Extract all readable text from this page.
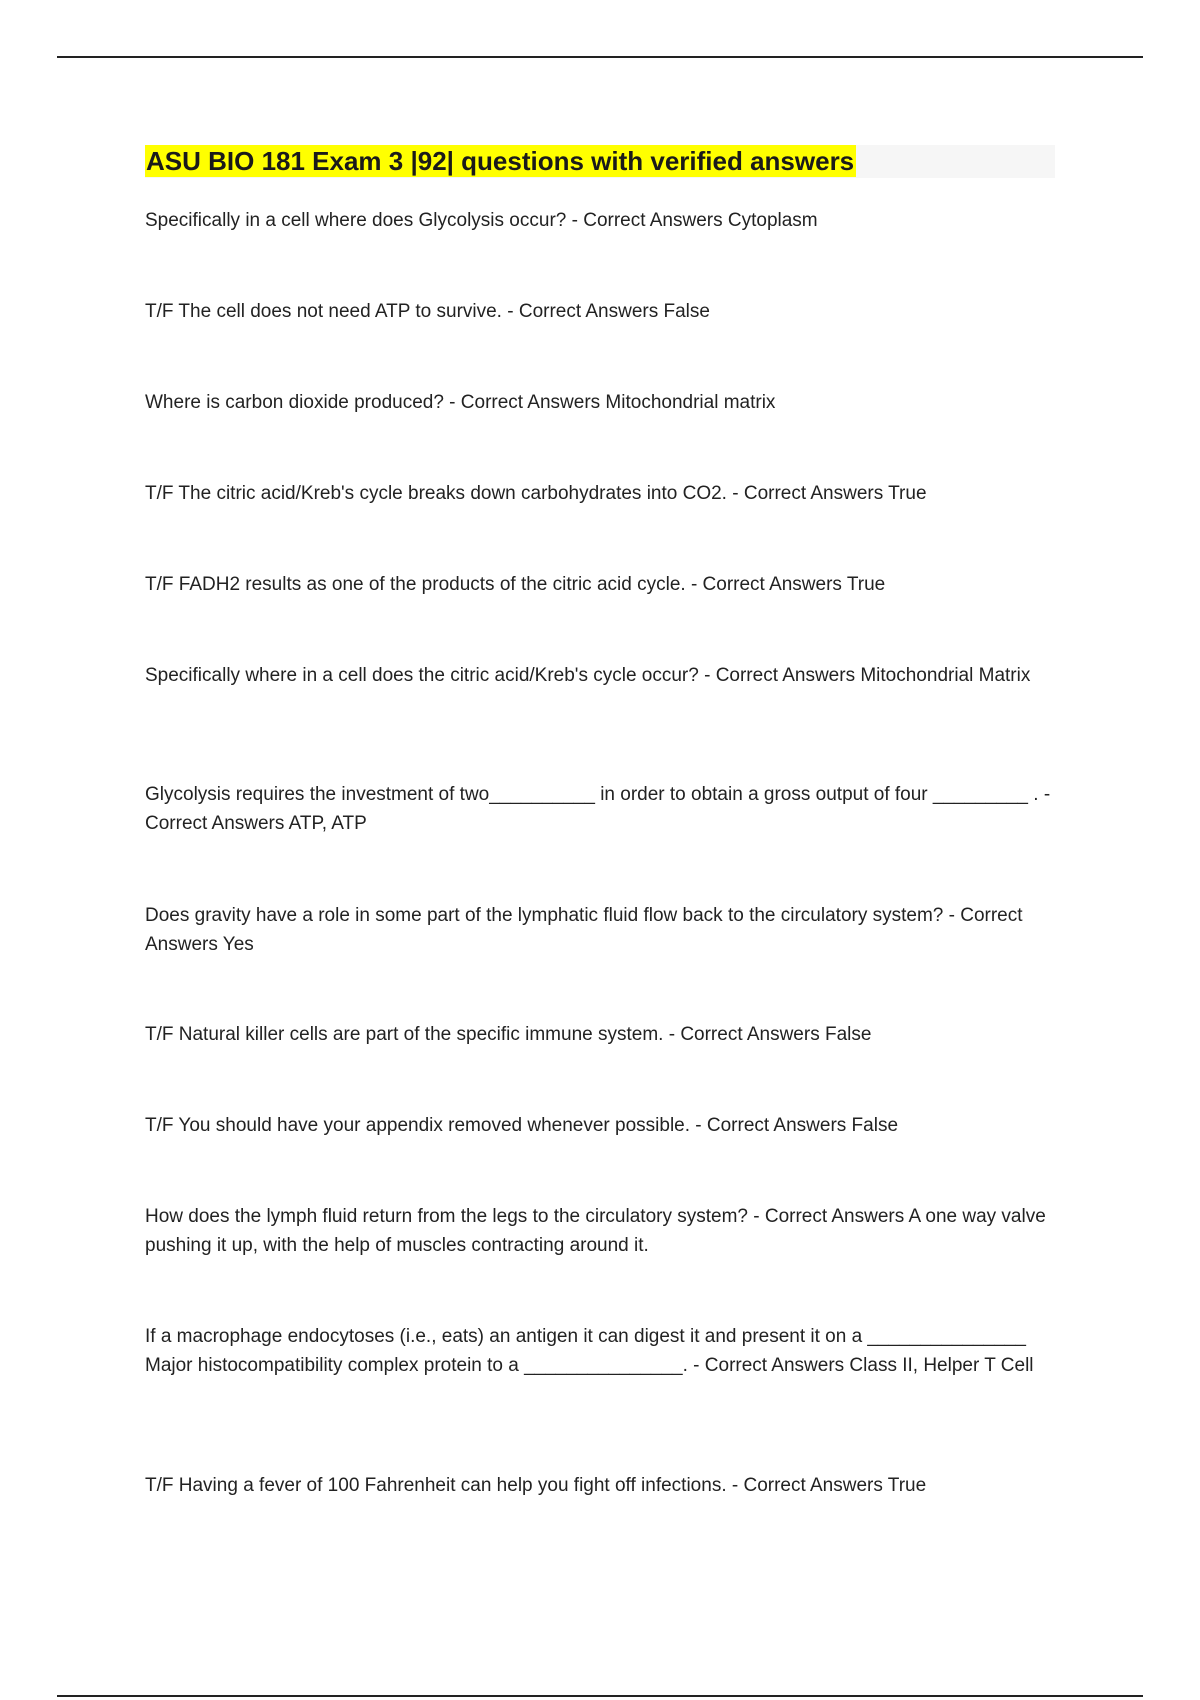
ASU BIO 181 Exam 3 |92| questions with verified answers

Specifically in a cell where does Glycolysis occur? - Correct Answers Cytoplasm

T/F The cell does not need ATP to survive. - Correct Answers False

Where is carbon dioxide produced? - Correct Answers Mitochondrial matrix

T/F The citric acid/Kreb's cycle breaks down carbohydrates into CO2. - Correct Answers True

T/F FADH2 results as one of the products of the citric acid cycle. - Correct Answers True

Specifically where in a cell does the citric acid/Kreb's cycle occur? - Correct Answers Mitochondrial Matrix

Glycolysis requires the investment of two__________ in order to obtain a gross output of four _________ . - Correct Answers ATP, ATP

Does gravity have a role in some part of the lymphatic fluid flow back to the circulatory system? - Correct Answers Yes

T/F Natural killer cells are part of the specific immune system. - Correct Answers False

T/F You should have your appendix removed whenever possible. - Correct Answers False

How does the lymph fluid return from the legs to the circulatory system? - Correct Answers A one way valve pushing it up, with the help of muscles contracting around it.

If a macrophage endocytoses (i.e., eats) an antigen it can digest it and present it on a _______________ Major histocompatibility complex protein to a _______________. - Correct Answers Class II, Helper T Cell

T/F Having a fever of 100 Fahrenheit can help you fight off infections. - Correct Answers True
